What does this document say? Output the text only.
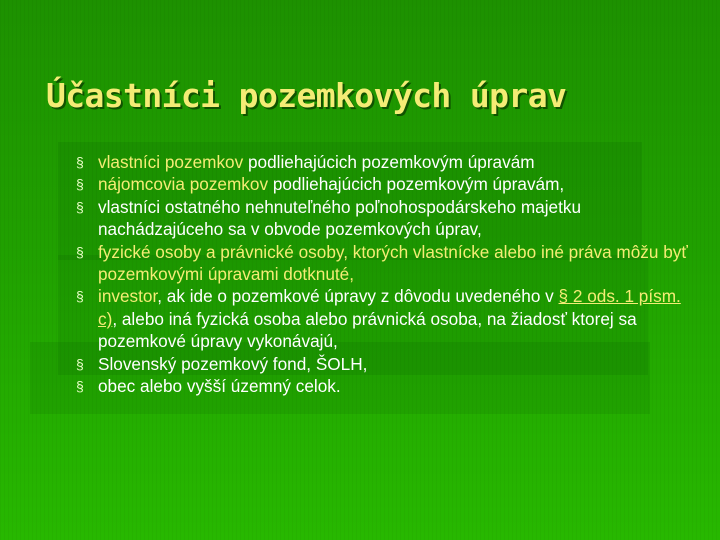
Účastníci pozemkových úprav
§ vlastníci pozemkov podliehajúcich pozemkovým úpravám
§ nájomcovia pozemkov podliehajúcich pozemkovým úpravám,
§ vlastníci ostatného nehnuteľného poľnohospodárskeho majetku nachádzajúceho sa v obvode pozemkových úprav,
§ fyzické osoby a právnické osoby, ktorých vlastnícke alebo iné práva môžu byť pozemkovými úpravami dotknuté,
§ investor, ak ide o pozemkové úpravy z dôvodu uvedeného v § 2 ods. 1 písm. c), alebo iná fyzická osoba alebo právnická osoba, na žiadosť ktorej sa pozemkové úpravy vykonávajú,
§ Slovenský pozemkový fond, ŠOLH,
§ obec alebo vyšší územný celok.
